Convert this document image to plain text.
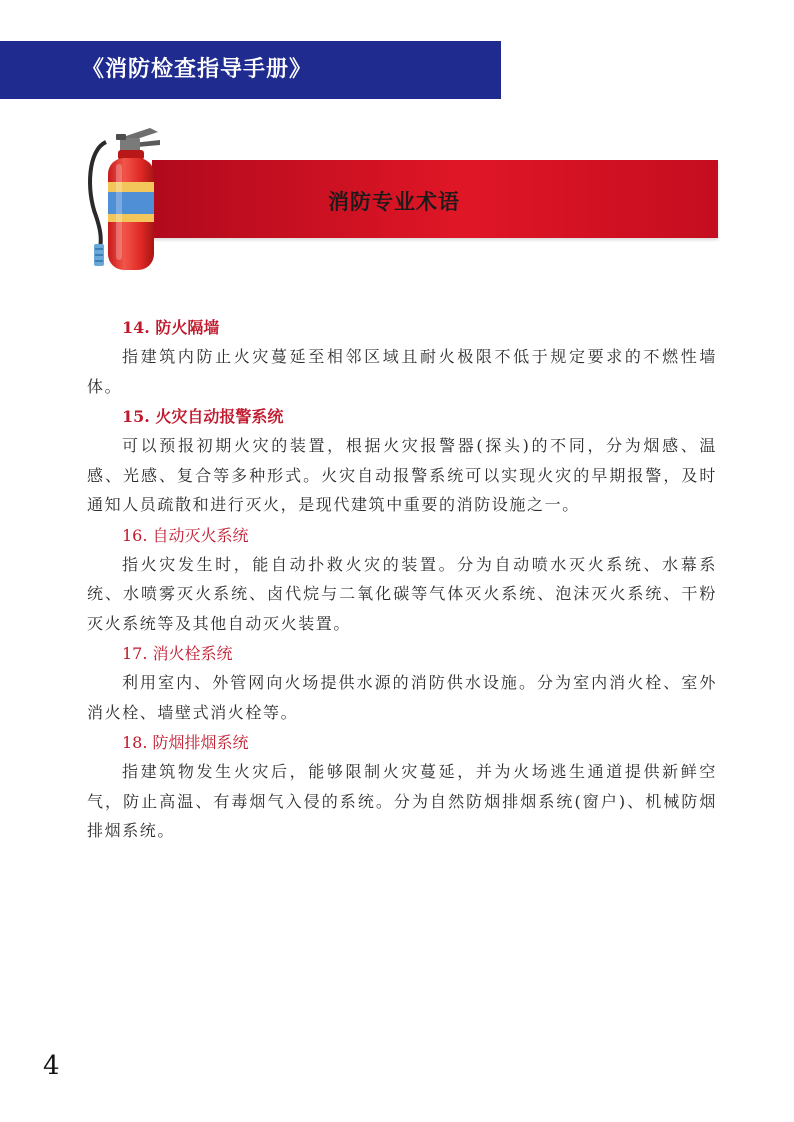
《消防检查指导手册》
消防专业术语

14. 防火隔墙

指建筑内防止火灾蔓延至相邻区域且耐火极限不低于规定要求的不燃性墙体。

15. 火灾自动报警系统

可以预报初期火灾的装置，根据火灾报警器(探头)的不同，分为烟感、温感、光感、复合等多种形式。火灾自动报警系统可以实现火灾的早期报警，及时通知人员疏散和进行灭火，是现代建筑中重要的消防设施之一。

16. 自动灭火系统

指火灾发生时，能自动扑救火灾的装置。分为自动喷水灭火系统、水幕系统、水喷雾灭火系统、卤代烷与二氧化碳等气体灭火系统、泡沫灭火系统、干粉灭火系统等及其他自动灭火装置。

17. 消火栓系统

利用室内、外管网向火场提供水源的消防供水设施。分为室内消火栓、室外消火栓、墙壁式消火栓等。

18. 防烟排烟系统

指建筑物发生火灾后，能够限制火灾蔓延，并为火场逃生通道提供新鲜空气，防止高温、有毒烟气入侵的系统。分为自然防烟排烟系统(窗户)、机械防烟排烟系统。

4
